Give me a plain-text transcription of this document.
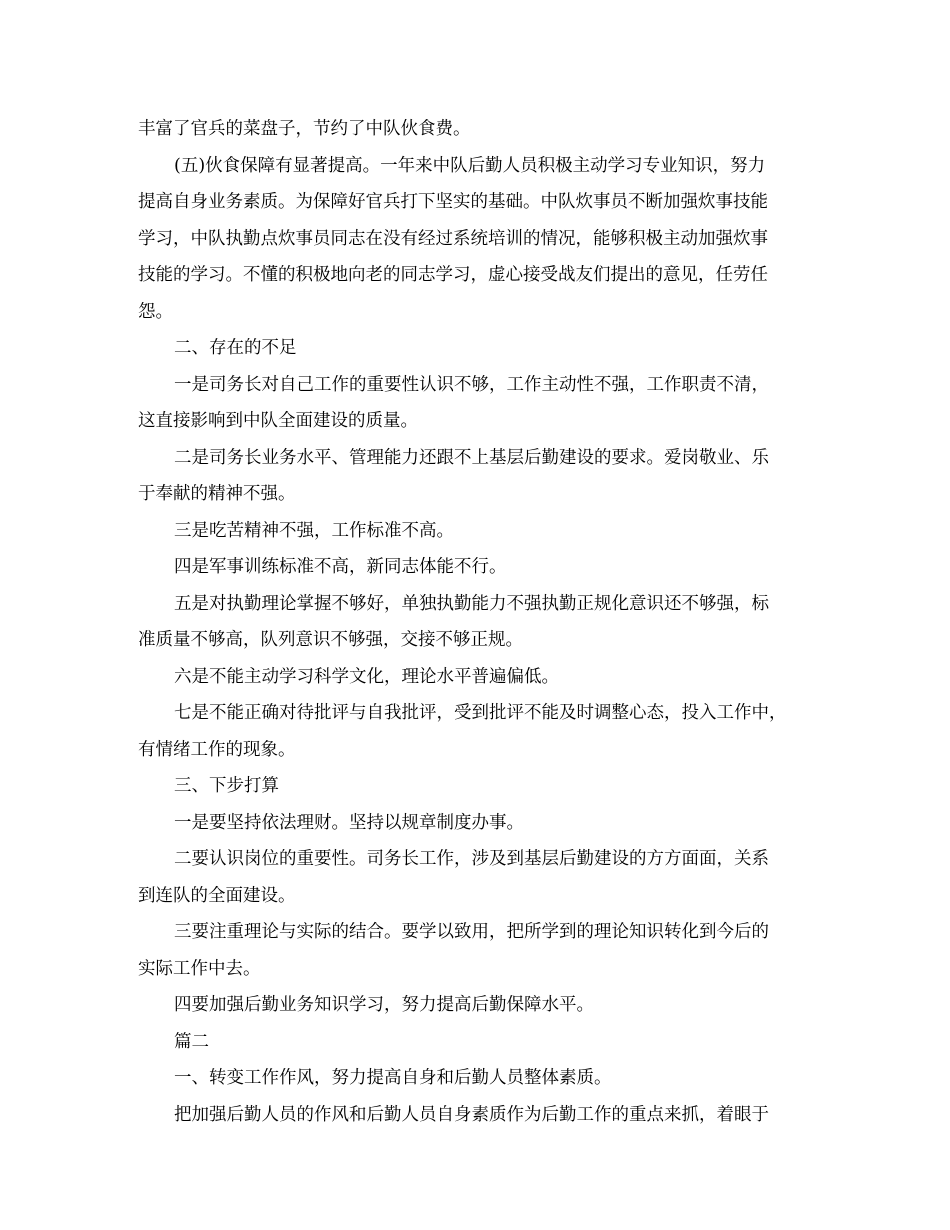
丰富了官兵的菜盘子，节约了中队伙食费。
(五)伙食保障有显著提高。一年来中队后勤人员积极主动学习专业知识，努力
提高自身业务素质。为保障好官兵打下坚实的基础。中队炊事员不断加强炊事技能
学习，中队执勤点炊事员同志在没有经过系统培训的情况，能够积极主动加强炊事
技能的学习。不懂的积极地向老的同志学习，虚心接受战友们提出的意见，任劳任
怨。
二、存在的不足
一是司务长对自己工作的重要性认识不够，工作主动性不强，工作职责不清，
这直接影响到中队全面建设的质量。
二是司务长业务水平、管理能力还跟不上基层后勤建设的要求。爱岗敬业、乐
于奉献的精神不强。
三是吃苦精神不强，工作标准不高。
四是军事训练标准不高，新同志体能不行。
五是对执勤理论掌握不够好，单独执勤能力不强执勤正规化意识还不够强，标
准质量不够高，队列意识不够强，交接不够正规。
六是不能主动学习科学文化，理论水平普遍偏低。
七是不能正确对待批评与自我批评，受到批评不能及时调整心态，投入工作中，
有情绪工作的现象。
三、下步打算
一是要坚持依法理财。坚持以规章制度办事。
二要认识岗位的重要性。司务长工作，涉及到基层后勤建设的方方面面，关系
到连队的全面建设。
三要注重理论与实际的结合。要学以致用，把所学到的理论知识转化到今后的
实际工作中去。
四要加强后勤业务知识学习，努力提高后勤保障水平。
篇二
一、转变工作作风，努力提高自身和后勤人员整体素质。
把加强后勤人员的作风和后勤人员自身素质作为后勤工作的重点来抓，着眼于
